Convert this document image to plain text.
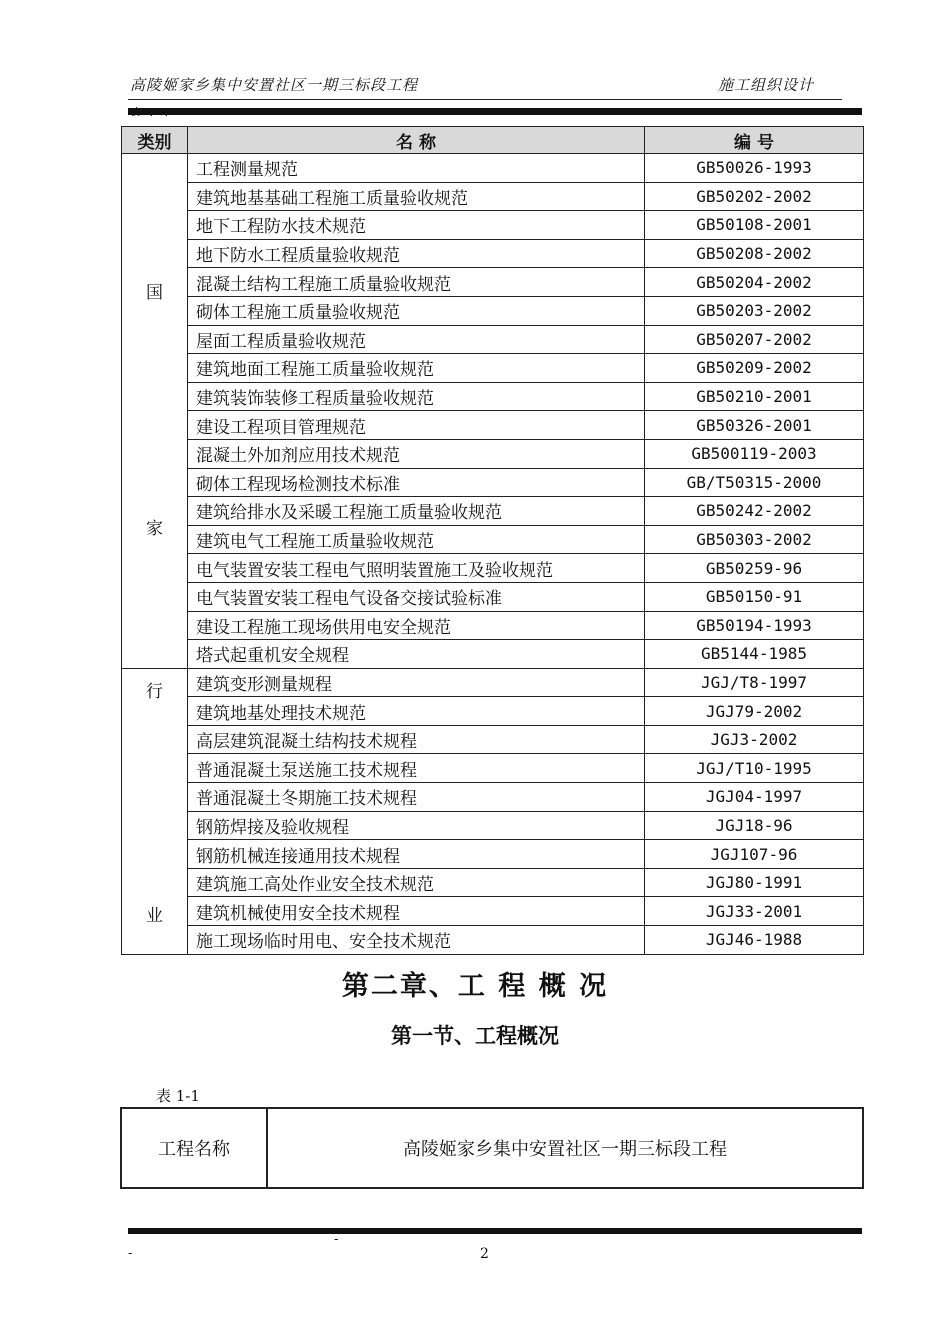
高陵姬家乡集中安置社区一期三标段工程	施工组织设计
类别	名 称	编 号

国
家	工程测量规范	GB50026-1993
	建筑地基基础工程施工质量验收规范	GB50202-2002
	地下工程防水技术规范	GB50108-2001
	地下防水工程质量验收规范	GB50208-2002
	混凝土结构工程施工质量验收规范	GB50204-2002
	砌体工程施工质量验收规范	GB50203-2002
	屋面工程质量验收规范	GB50207-2002
	建筑地面工程施工质量验收规范	GB50209-2002
	建筑装饰装修工程质量验收规范	GB50210-2001
	建设工程项目管理规范	GB50326-2001
	混凝土外加剂应用技术规范	GB500119-2003
	砌体工程现场检测技术标准	GB/T50315-2000
	建筑给排水及采暖工程施工质量验收规范	GB50242-2002
	建筑电气工程施工质量验收规范	GB50303-2002
	电气装置安装工程电气照明装置施工及验收规范	GB50259-96
	电气装置安装工程电气设备交接试验标准	GB50150-91
	建设工程施工现场供用电安全规范	GB50194-1993
	塔式起重机安全规程	GB5144-1985

行
业	建筑变形测量规程	JGJ/T8-1997
	建筑地基处理技术规范	JGJ79-2002
	高层建筑混凝土结构技术规程	JGJ3-2002
	普通混凝土泵送施工技术规程	JGJ/T10-1995
	普通混凝土冬期施工技术规程	JGJ04-1997
	钢筋焊接及验收规程	JGJ18-96
	钢筋机械连接通用技术规程	JGJ107-96
	建筑施工高处作业安全技术规范	JGJ80-1991
	建筑机械使用安全技术规程	JGJ33-2001
	施工现场临时用电、安全技术规范	JGJ46-1988
第二章、工 程 概 况
第一节、工程概况
表 1-1
工程名称	高陵姬家乡集中安置社区一期三标段工程
-
-
2
